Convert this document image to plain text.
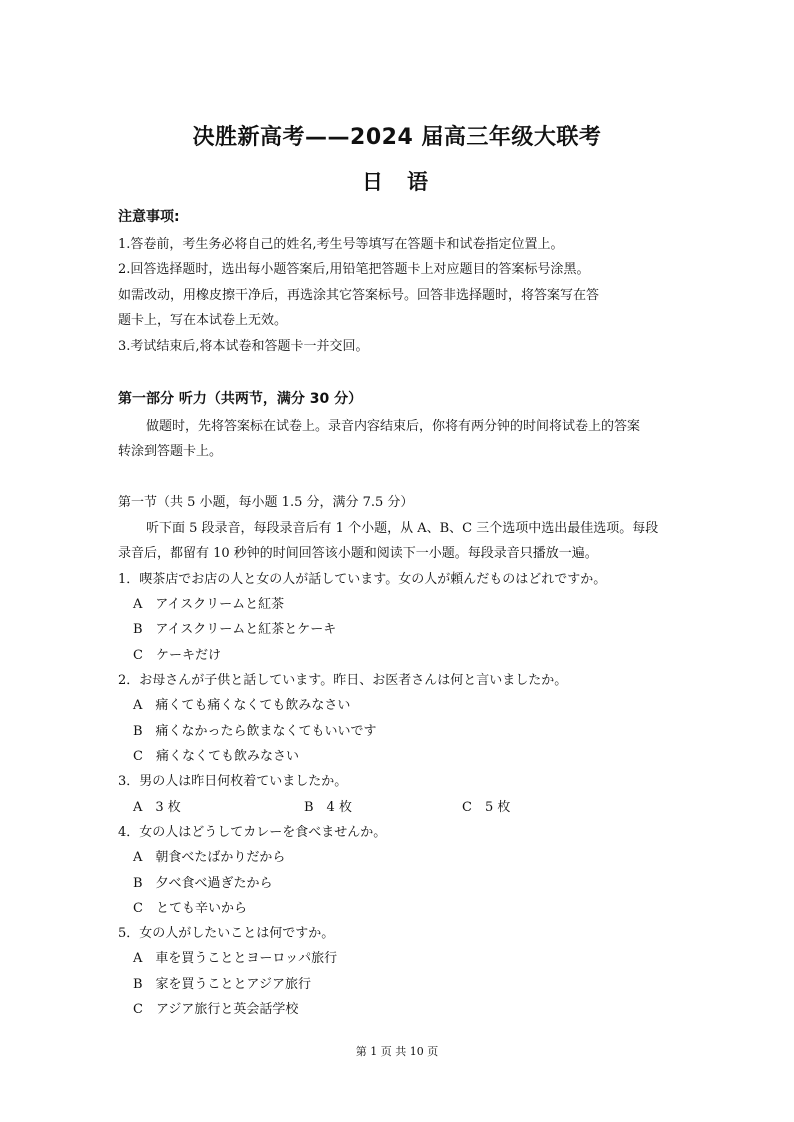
决胜新高考——2024 届高三年级大联考
日语
注意事项:
1.答卷前，考生务必将自己的姓名,考生号等填写在答题卡和试卷指定位置上。
2.回答选择题时，选出每小题答案后,用铅笔把答题卡上对应题目的答案标号涂黑。
如需改动，用橡皮擦干净后，再选涂其它答案标号。回答非选择题时，将答案写在答
题卡上，写在本试卷上无效。
3.考试结束后,将本试卷和答题卡一并交回。
第一部分 听力（共两节，满分 30 分）
做题时，先将答案标在试卷上。录音内容结束后，你将有两分钟的时间将试卷上的答案
转涂到答题卡上。
第一节（共 5 小题，每小题 1.5 分，满分 7.5 分）
听下面 5 段录音，每段录音后有 1 个小题，从 A、B、C 三个选项中选出最佳选项。每段
录音后，都留有 10 秒钟的时间回答该小题和阅读下一小题。每段录音只播放一遍。
1．喫茶店でお店の人と女の人が話しています。女の人が頼んだものはどれですか。
A　アイスクリームと紅茶
B　アイスクリームと紅茶とケーキ
C　ケーキだけ
2．お母さんが子供と話しています。昨日、お医者さんは何と言いましたか。
A　痛くても痛くなくても飲みなさい
B　痛くなかったら飲まなくてもいいです
C　痛くなくても飲みなさい
3．男の人は昨日何枚着ていましたか。
A　3 枚	B　4 枚	C　5 枚
4．女の人はどうしてカレーを食べませんか。
A　朝食べたばかりだから
B　夕べ食べ過ぎたから
C　とても辛いから
5．女の人がしたいことは何ですか。
A　車を買うこととヨーロッパ旅行
B　家を買うこととアジア旅行
C　アジア旅行と英会話学校
第 1 页 共 10 页
